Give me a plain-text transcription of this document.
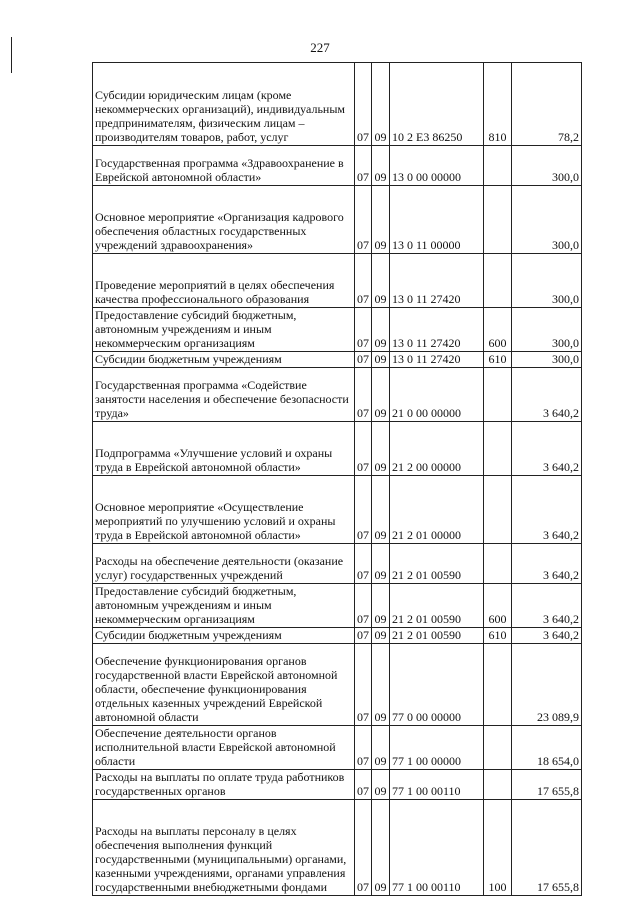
227
Субсидии юридическим лицам (кроме некоммерческих организаций), индивидуальным предпринимателям, физическим лицам – производителям товаров, работ, услуг	07	09	10 2 E3 86250	810	78,2
Государственная программа «Здравоохранение в Еврейской автономной области»	07	09	13 0 00 00000		300,0
Основное мероприятие «Организация кадрового обеспечения областных государственных учреждений здравоохранения»	07	09	13 0 11 00000		300,0
Проведение мероприятий в целях обеспечения качества профессионального образования	07	09	13 0 11 27420		300,0
Предоставление субсидий бюджетным, автономным учреждениям и иным некоммерческим организациям	07	09	13 0 11 27420	600	300,0
Субсидии бюджетным учреждениям	07	09	13 0 11 27420	610	300,0
Государственная программа «Содействие занятости населения и обеспечение безопасности труда»	07	09	21 0 00 00000		3 640,2
Подпрограмма «Улучшение условий и охраны труда в Еврейской автономной области»	07	09	21 2 00 00000		3 640,2
Основное мероприятие «Осуществление мероприятий по улучшению условий и охраны труда в Еврейской автономной области»	07	09	21 2 01 00000		3 640,2
Расходы на обеспечение деятельности (оказание услуг) государственных учреждений	07	09	21 2 01 00590		3 640,2
Предоставление субсидий бюджетным, автономным учреждениям и иным некоммерческим организациям	07	09	21 2 01 00590	600	3 640,2
Субсидии бюджетным учреждениям	07	09	21 2 01 00590	610	3 640,2
Обеспечение функционирования органов государственной власти Еврейской автономной области, обеспечение функционирования отдельных казенных учреждений Еврейской автономной области	07	09	77 0 00 00000		23 089,9
Обеспечение деятельности органов исполнительной власти Еврейской автономной области	07	09	77 1 00 00000		18 654,0
Расходы на выплаты по оплате труда работников государственных органов	07	09	77 1 00 00110		17 655,8
Расходы на выплаты персоналу в целях обеспечения выполнения функций государственными (муниципальными) органами, казенными учреждениями, органами управления государственными внебюджетными фондами	07	09	77 1 00 00110	100	17 655,8
